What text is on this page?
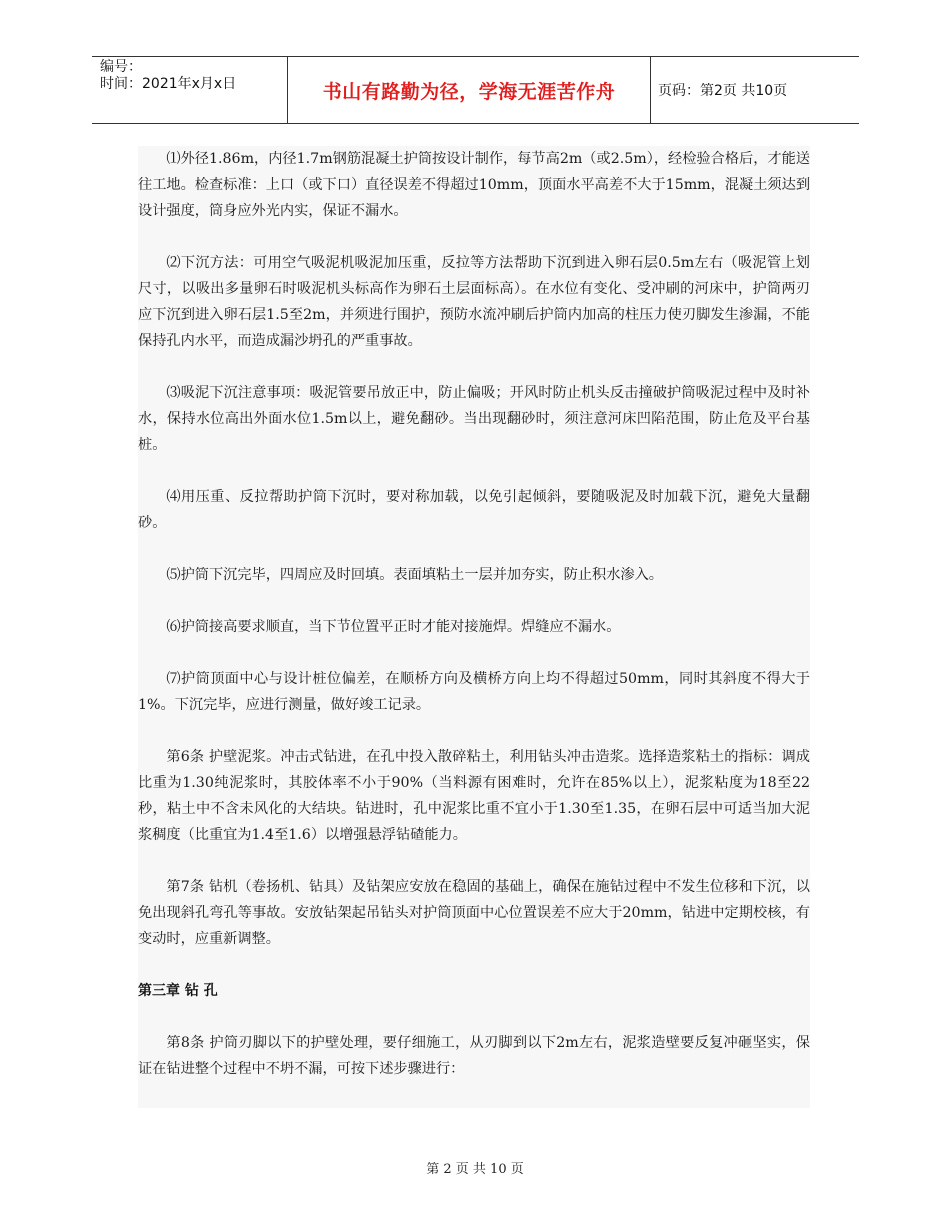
编号：
时间：2021年x月x日	书山有路勤为径，学海无涯苦作舟	页码：第2页 共10页

⑴外径1.86m，内径1.7m钢筋混凝土护筒按设计制作，每节高2m（或2.5m），经检验合格后，才能送往工地。检查标准：上口（或下口）直径误差不得超过10mm，顶面水平高差不大于15mm，混凝土须达到设计强度，筒身应外光内实，保证不漏水。

⑵下沉方法：可用空气吸泥机吸泥加压重，反拉等方法帮助下沉到进入卵石层0.5m左右（吸泥管上划尺寸，以吸出多量卵石时吸泥机头标高作为卵石土层面标高）。在水位有变化、受冲刷的河床中，护筒两刃应下沉到进入卵石层1.5至2m，并须进行围护，预防水流冲刷后护筒内加高的柱压力使刃脚发生渗漏，不能保持孔内水平，而造成漏沙坍孔的严重事故。

⑶吸泥下沉注意事项：吸泥管要吊放正中，防止偏吸；开风时防止机头反击撞破护筒吸泥过程中及时补水，保持水位高出外面水位1.5m以上，避免翻砂。当出现翻砂时，须注意河床凹陷范围，防止危及平台基桩。

⑷用压重、反拉帮助护筒下沉时，要对称加载，以免引起倾斜，要随吸泥及时加载下沉，避免大量翻砂。

⑸护筒下沉完毕，四周应及时回填。表面填粘土一层并加夯实，防止积水渗入。

⑹护筒接高要求顺直，当下节位置平正时才能对接施焊。焊缝应不漏水。

⑺护筒顶面中心与设计桩位偏差，在顺桥方向及横桥方向上均不得超过50mm，同时其斜度不得大于1%。下沉完毕，应进行测量，做好竣工记录。

第6条 护壁泥浆。冲击式钻进，在孔中投入散碎粘土，利用钻头冲击造浆。选择造浆粘土的指标：调成比重为1.30纯泥浆时，其胶体率不小于90%（当料源有困难时，允许在85%以上），泥浆粘度为18至22秒，粘土中不含未风化的大结块。钻进时，孔中泥浆比重不宜小于1.30至1.35，在卵石层中可适当加大泥浆稠度（比重宜为1.4至1.6）以增强悬浮钻碴能力。

第7条 钻机（卷扬机、钻具）及钻架应安放在稳固的基础上，确保在施钻过程中不发生位移和下沉，以免出现斜孔弯孔等事故。安放钻架起吊钻头对护筒顶面中心位置误差不应大于20mm，钻进中定期校核，有变动时，应重新调整。

第三章 钻 孔

第8条 护筒刃脚以下的护壁处理，要仔细施工，从刃脚到以下2m左右，泥浆造壁要反复冲砸坚实，保证在钻进整个过程中不坍不漏，可按下述步骤进行：

第 2 页 共 10 页
